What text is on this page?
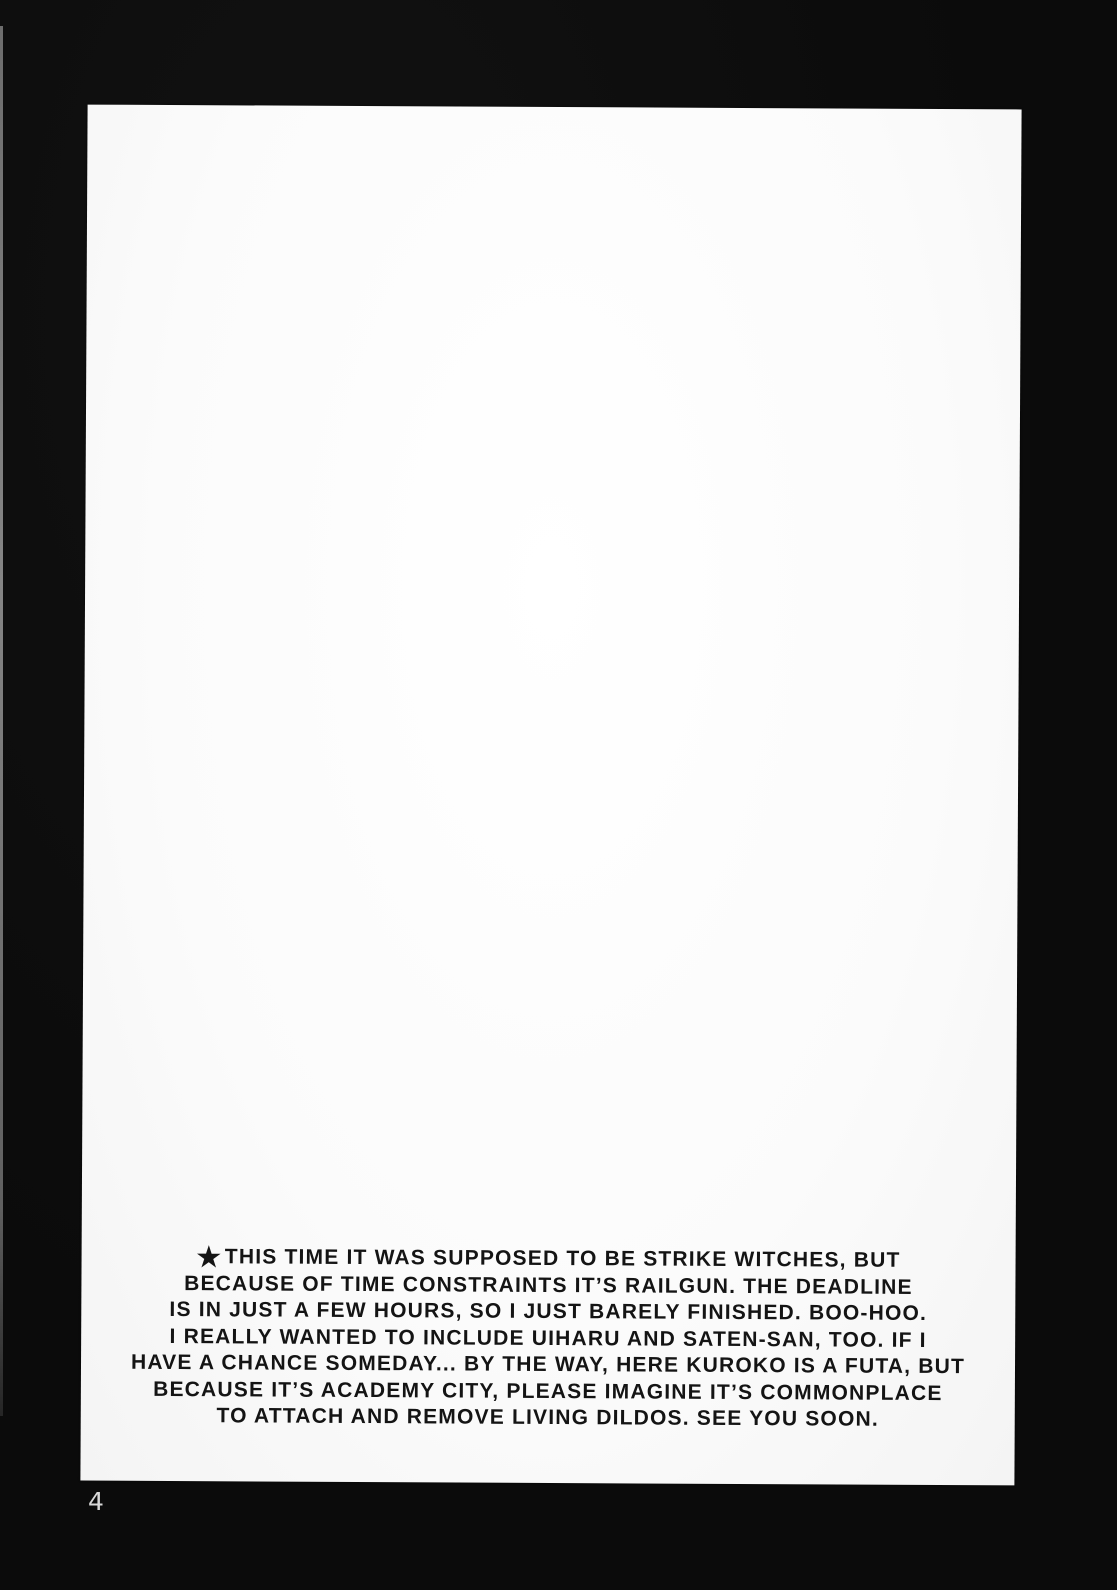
★ THIS TIME IT WAS SUPPOSED TO BE STRIKE WITCHES, BUT
BECAUSE OF TIME CONSTRAINTS IT’S RAILGUN. THE DEADLINE
IS IN JUST A FEW HOURS, SO I JUST BARELY FINISHED. BOO-HOO.
I REALLY WANTED TO INCLUDE UIHARU AND SATEN-SAN, TOO. IF I
HAVE A CHANCE SOMEDAY... BY THE WAY, HERE KUROKO IS A FUTA, BUT
BECAUSE IT’S ACADEMY CITY, PLEASE IMAGINE IT’S COMMONPLACE
TO ATTACH AND REMOVE LIVING DILDOS. SEE YOU SOON.
4
